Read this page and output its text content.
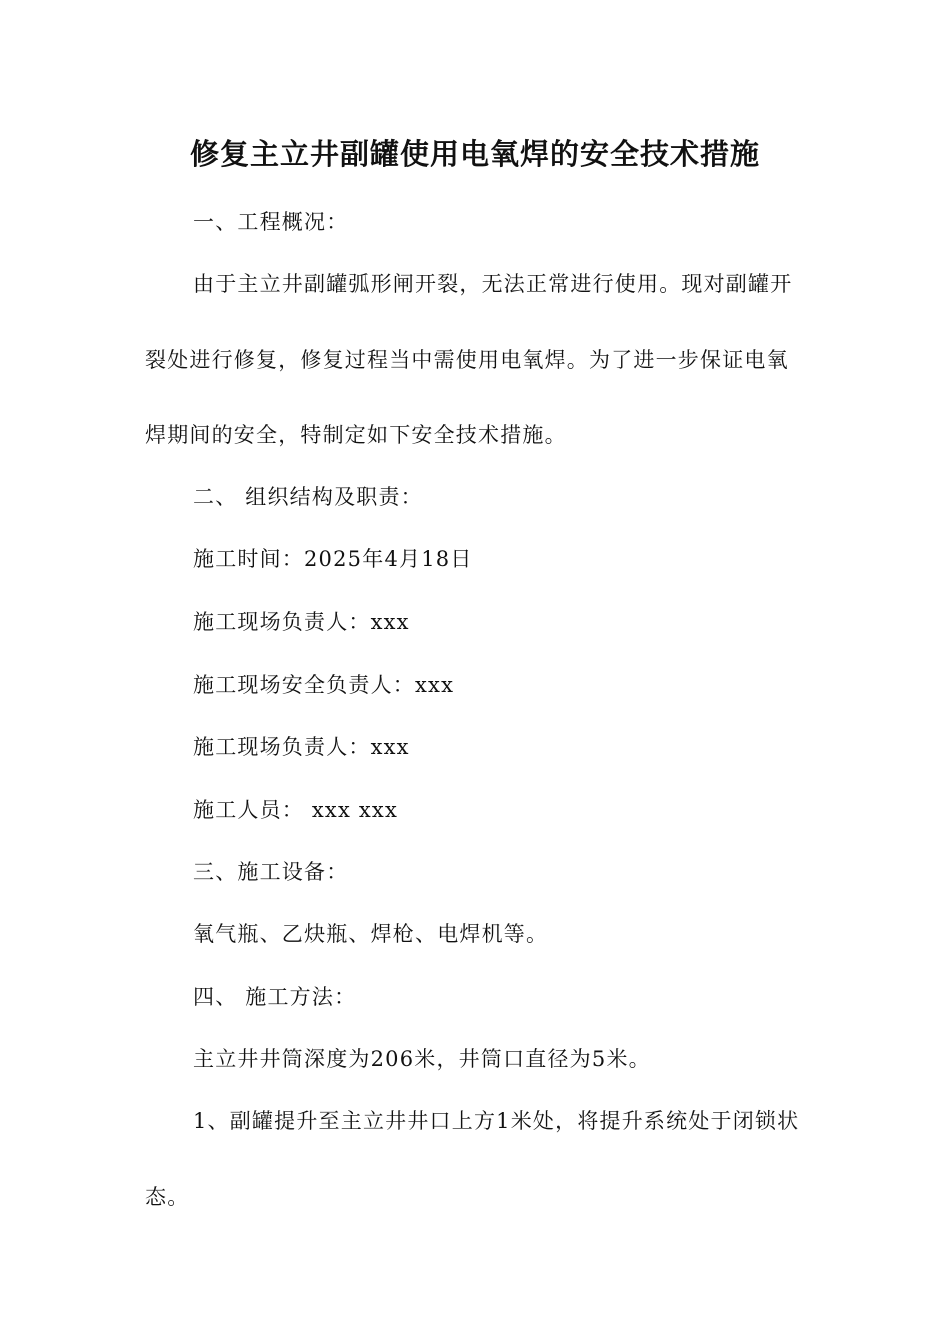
修复主立井副罐使用电氧焊的安全技术措施
一、工程概况：
由于主立井副罐弧形闸开裂，无法正常进行使用。现对副罐开
裂处进行修复，修复过程当中需使用电氧焊。为了进一步保证电氧
焊期间的安全，特制定如下安全技术措施。
二、 组织结构及职责：
施工时间：2025年4月18日
施工现场负责人：xxx
施工现场安全负责人：xxx
施工现场负责人：xxx
施工人员： xxx xxx
三、施工设备：
氧气瓶、乙炔瓶、焊枪、电焊机等。
四、 施工方法：
主立井井筒深度为206米，井筒口直径为5米。
1、副罐提升至主立井井口上方1米处，将提升系统处于闭锁状
态。
